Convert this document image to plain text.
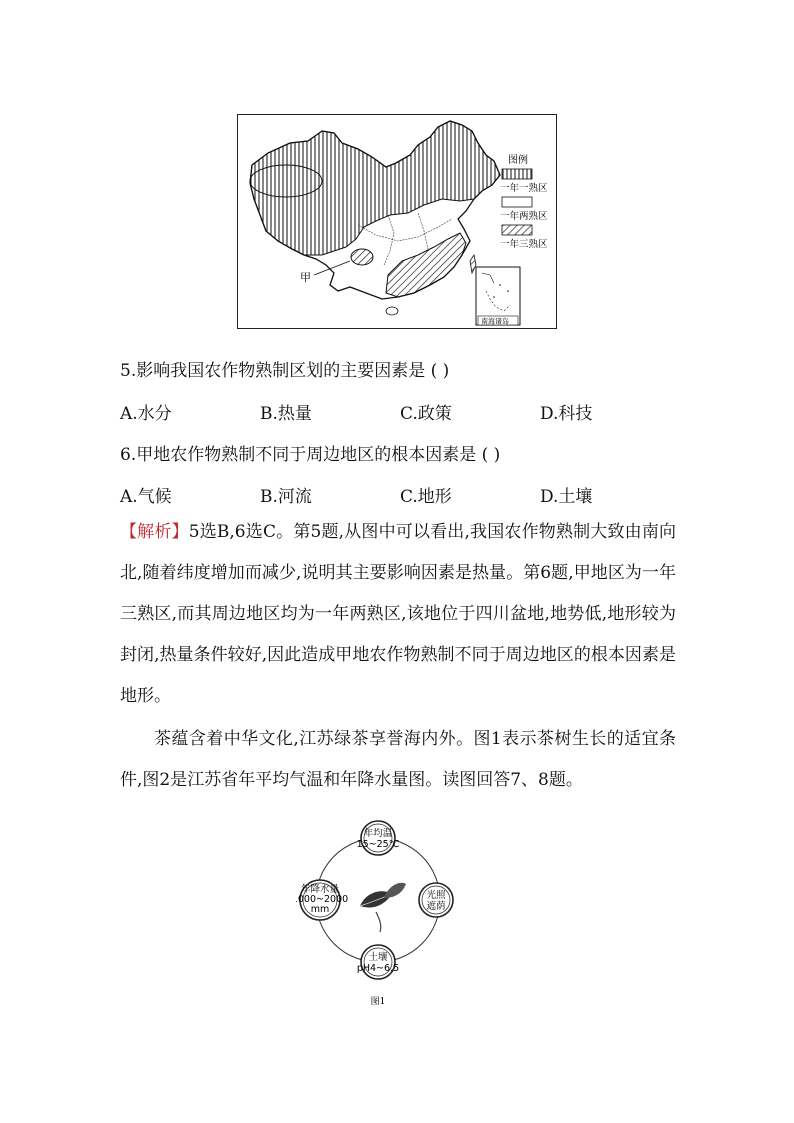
甲
图例
一年一熟区
一年两熟区
一年三熟区
南海诸岛
5.影响我国农作物熟制区划的主要因素是 ( )
A.水分	B.热量	C.政策	D.科技
6.甲地农作物熟制不同于周边地区的根本因素是 ( )
A.气候	B.河流	C.地形	D.土壤
【解析】5选B,6选C。第5题,从图中可以看出,我国农作物熟制大致由南向北,随着纬度增加而减少,说明其主要影响因素是热量。第6题,甲地区为一年三熟区,而其周边地区均为一年两熟区,该地位于四川盆地,地势低,地形较为封闭,热量条件较好,因此造成甲地农作物熟制不同于周边地区的根本因素是地形。
茶蕴含着中华文化,江苏绿茶享誉海内外。图1表示茶树生长的适宜条件,图2是江苏省年平均气温和年降水量图。读图回答7、8题。
年均温
15~25℃
年降水量
1000~2000
mm
光照
遮荫
土壤
pH4~6.5
图1
